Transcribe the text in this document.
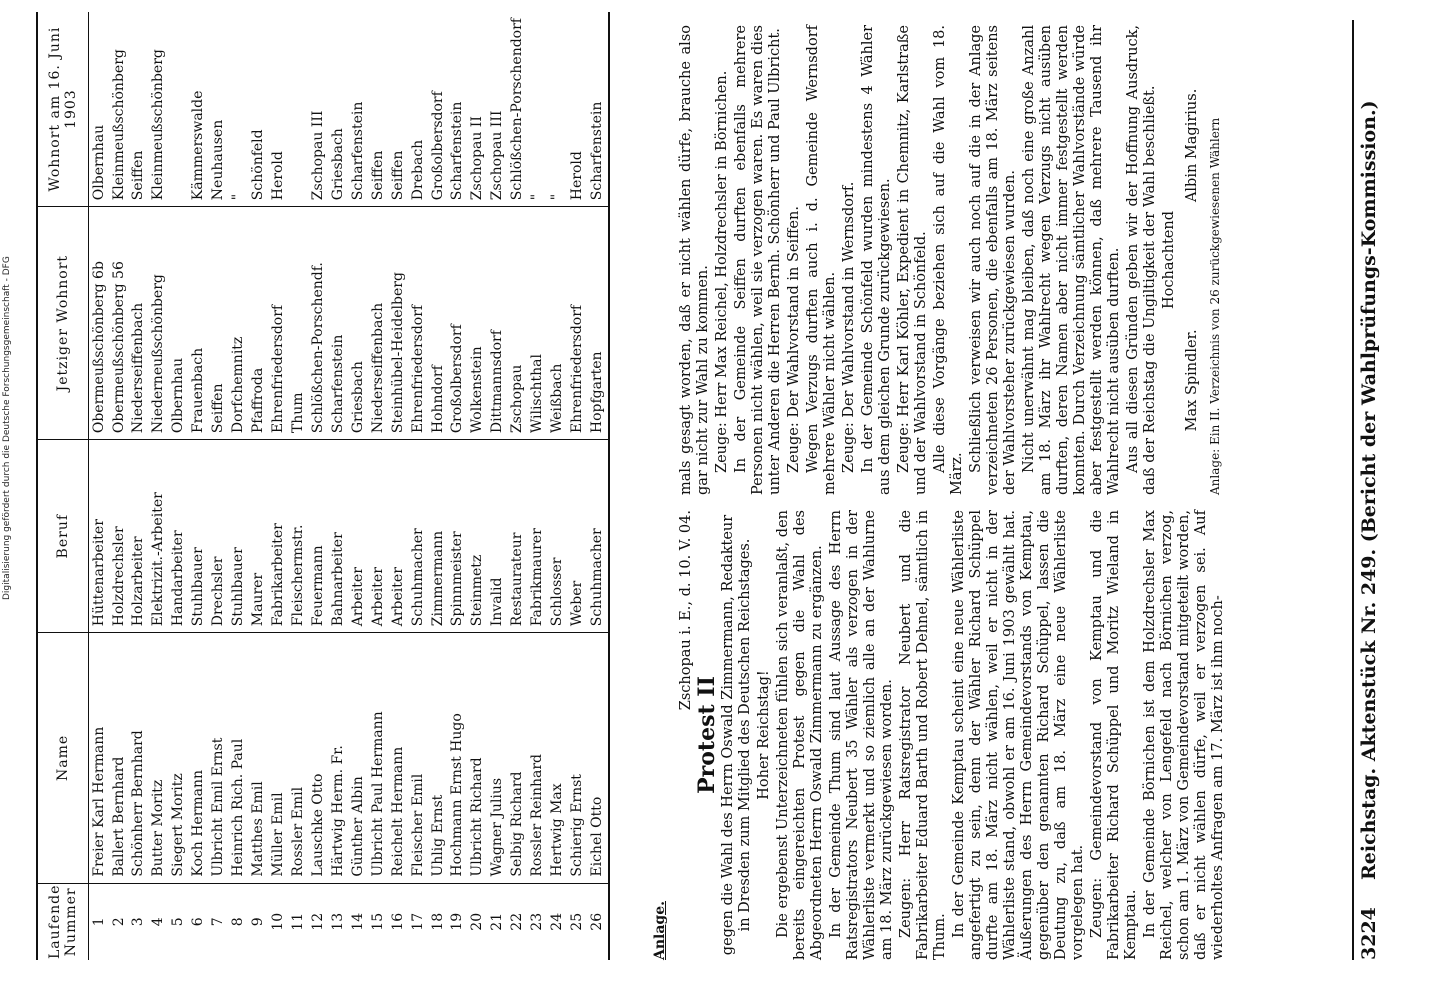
3224
Reichstag. Aktenstück Nr. 249. (Bericht der Wahlprüfungs-Kommission.)

Zschopau i. E., d. 10. V. 04.

Protest II gegen die Wahl des Herrn Oswald Zimmermann, Redakteur in Dresden zum Mitglied des Deutschen Reichstages. Hoher Reichstag! Die ergebenst Unterzeichneten fühlen sich veranlaßt, den bereits eingereichten Protest gegen die Wahl des Abgeordneten Herrn Oswald Zimmermann zu ergänzen. In der Gemeinde Thum sind laut Aussage des Herrn Ratsregistrators Neubert 35 Wähler als verzogen in der Wählerliste vermerkt und so ziemlich alle an der Wahlurne am 18. März zurückgewiesen worden. Zeugen: Herr Ratsregistrator Neubert und die Fabrikarbeiter Eduard Barth und Robert Dehnel, sämtlich in Thum. In der Gemeinde Kemptau scheint eine neue Wählerliste angefertigt zu sein, denn der Wähler Richard Schüppel durfte am 18. März nicht wählen, weil er nicht in der Wählerliste stand, obwohl er am 16. Juni 1903 gewählt hat. Äußerungen des Herrn Gemeindevorstands von Kemptau, gegenüber den genannten Richard Schüppel, lassen die Deutung zu, daß am 18. März eine neue Wählerliste vorgelegen hat. Zeugen: Gemeindevorstand von Kemptau und die Fabrikarbeiter Richard Schüppel und Moritz Wieland in Kemptau. In der Gemeinde Börnichen ist dem Holzdrechsler Max Reichel, welcher von Lengefeld nach Börnichen verzog, schon am 1. März von Gemeindevorstand mitgeteilt worden, daß er nicht wählen dürfe, weil er verzogen sei. Auf wiederholtes Anfragen am 17. März ist ihm noch-

mals gesagt worden, daß er nicht wählen dürfe, brauche also gar nicht zur Wahl zu kommen. Zeuge: Herr Max Reichel, Holzdrechsler in Börnichen. In der Gemeinde Seiffen durften ebenfalls mehrere Personen nicht wählen, weil sie verzogen waren. Es waren dies unter Anderen die Herren Bernh. Schönherr und Paul Ulbricht. Zeuge: Der Wahlvorstand in Seiffen. Wegen Verzugs durften auch i. d. Gemeinde Wernsdorf mehrere Wähler nicht wählen. Zeuge: Der Wahlvorstand in Wernsdorf. In der Gemeinde Schönfeld wurden mindestens 4 Wähler aus dem gleichen Grunde zurückgewiesen. Zeuge: Herr Karl Köhler, Expedient in Chemnitz, Karlstraße und der Wahlvorstand in Schönfeld. Alle diese Vorgänge beziehen sich auf die Wahl vom 18. März.

Schließlich verweisen wir auch noch auf die in der Anlage verzeichneten 26 Personen, die ebenfalls am 18. März seitens der Wahlvorsteher zurückgewiesen wurden. Nicht unerwähnt mag bleiben, daß noch eine große Anzahl am 18. März ihr Wahlrecht wegen Verzugs nicht ausüben durften, deren Namen aber nicht immer festgestellt werden konnten. Durch Verzeichnung sämtlicher Wahlvorstände würde aber festgestellt werden können, daß mehrere Tausend ihr Wahlrecht nicht ausüben durften. Aus all diesen Gründen geben wir der Hoffnung Ausdruck, daß der Reichstag die Ungiltigkeit der Wahl beschließt. Hochachtend

Max Spindler.
Albin Magirius. Anlage: Ein II. Verzeichnis von 26 zurückgewiesenen Wählern
Anlage.
Laufende Nummer	Name	Beruf	Jetziger Wohnort	Wohnort am 16. Juni 1903
1	Freier Karl Hermann	Hüttenarbeiter	Obermeußschönberg 6b	Olbernhau
2	Ballert Bernhard	Holzdrechsler	Obermeußschönberg 56	Kleinmeußschönberg
3	Schönherr Bernhard	Holzarbeiter	Niederseiffenbach	Seiffen
4	Butter Moritz	Elektrizit.-Arbeiter	Niederneußschönberg	Kleinmeußschönberg
5	Siegert Moritz	Handarbeiter	Olbernhau	
6	Koch Hermann	Stuhlbauer	Frauenbach	Kämmerswalde
7	Ulbricht Emil Ernst	Drechsler	Seiffen	Neuhausen
8	Heinrich Rich. Paul	Stuhlbauer	Dorfchemnitz	"
9	Matthes Emil	Maurer	Pfaffroda	Schönfeld
10	Müller Emil	Fabrikarbeiter	Ehrenfriedersdorf	Herold
11	Rossler Emil	Fleischermstr.	Thum	
12	Lauschke Otto	Feuermann	Schlößchen-Porschendf.	Zschopau III
13	Härtwig Herm. Fr.	Bahnarbeiter	Scharfenstein	Griesbach
14	Günther Albin	Arbeiter	Griesbach	Scharfenstein
15	Ulbricht Paul Hermann	Arbeiter	Niederseiffenbach	Seiffen
16	Reichelt Hermann	Arbeiter	Steinhübel-Heidelberg	Seiffen
17	Fleischer Emil	Schuhmacher	Ehrenfriedersdorf	Drebach
18	Uhlig Ernst	Zimmermann	Hohndorf	Großolbersdorf
19	Hochmann Ernst Hugo	Spinnmeister	Großolbersdorf	Scharfenstein
20	Ulbricht Richard	Steinmetz	Wolkenstein	Zschopau II
21	Wagner Julius	Invalid	Dittmannsdorf	Zschopau III
22	Selbig Richard	Restaurateur	Zschopau	Schlößchen-Porschendorf
23	Rossler Reinhard	Fabrikmaurer	Wilischthal	"
24	Hertwig Max	Schlosser	Weißbach	"
25	Schierig Ernst	Weber	Ehrenfriedersdorf	Herold
26	Eichel Otto	Schuhmacher	Hopfgarten	Scharfenstein
Digitalisierung gefördert durch die Deutsche Forschungsgemeinschaft - DFG
